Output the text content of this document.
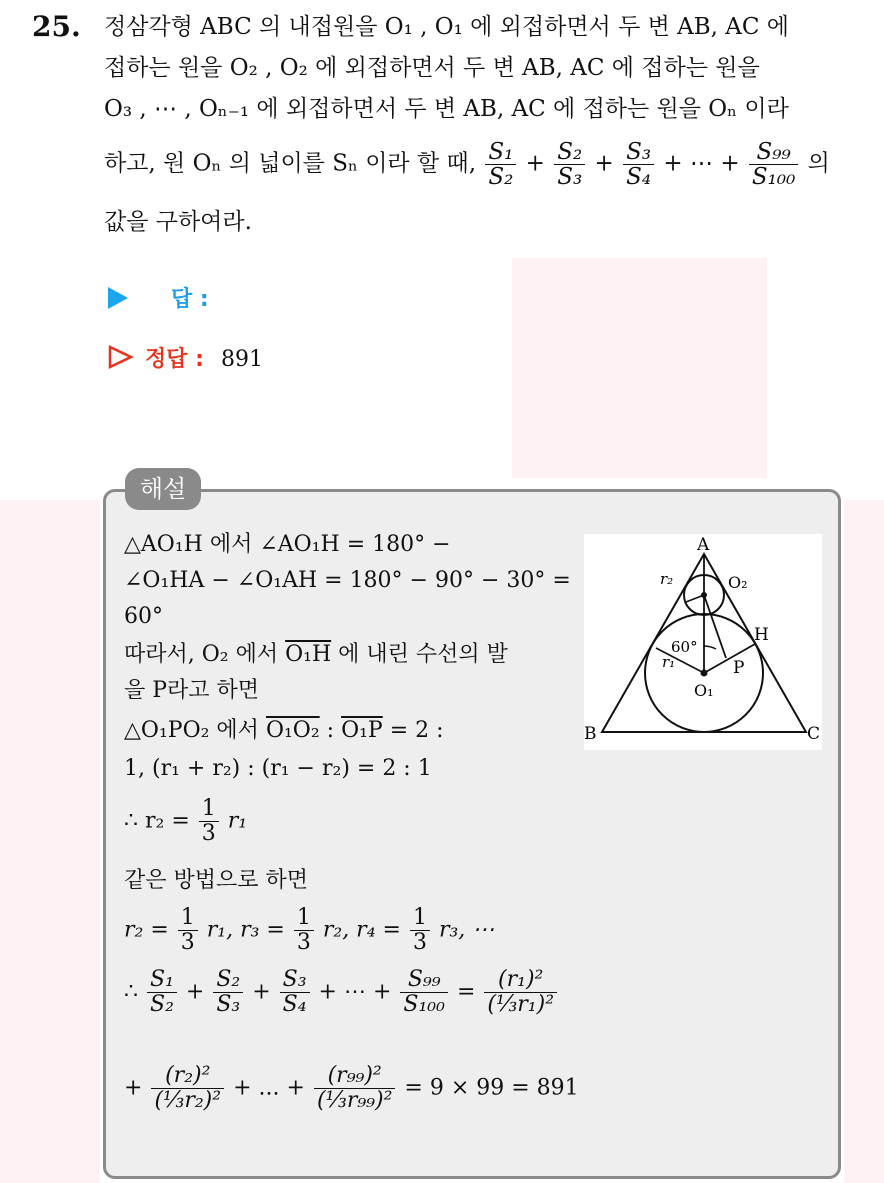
25. 정삼각형 ABC 의 내접원을 O₁ , O₁ 에 외접하면서 두 변 AB, AC 에
접하는 원을 O₂ , O₂ 에 외접하면서 두 변 AB, AC 에 접하는 원을
O₃ , ⋯ , Oₙ₋₁ 에 외접하면서 두 변 AB, AC 에 접하는 원을 Oₙ 이라
하고, 원 Oₙ 의 넓이를 Sₙ 이라 할 때, $\frac{\text{S₁}}{\text{S₂}} + \frac{\text{S₂}}{\text{S₃}} + \frac{\text{S₃}}{\text{S₄}}$ + ⋯ + $\frac{\text{S₉₉}}{\text{S₁₀₀}}$ 의
값을 구하여라.
답 :
정답 : 891
해설
△AO₁H 에서 ∠AO₁H = 180° −
∠O₁HA − ∠O₁AH = 180° − 90° − 30° =
60°
따라서, O₂ 에서 O₁H 에 내린 수선의 발
을 P라고 하면
△O₁PO₂ 에서 O₁O₂ : O₁P = 2 :
1, (r₁ + r₂) : (r₁ − r₂) = 2 : 1
∴ $r_2 = \frac{1}{3} r_1$
같은 방법으로 하면
$r_2 = \frac{1}{3} r_1$, $r_3 = \frac{1}{3} r_2$, $r_4 = \frac{1}{3} r_3$, ⋯
∴ $\frac{\text{S₁}}{\text{S₂}} + \frac{\text{S₂}}{\text{S₃}} + \frac{\text{S₃}}{\text{S₄}}$ + ⋯ + $\frac{\text{S₉₉}}{\text{S₁₀₀}} = \frac{\text{(r₁)²}}{\text{(⅓r₁)²}}$
+ $\frac{\text{(r₂)²}}{\text{(⅓r₂)²}}$ + ... + $\frac{\text{(r₉₉)²}}{\text{(⅓r₉₉)²}} = 9 \times 99 = 891$
A
B	C
H
P
O₁
O₂
r₁
r₂
60°
